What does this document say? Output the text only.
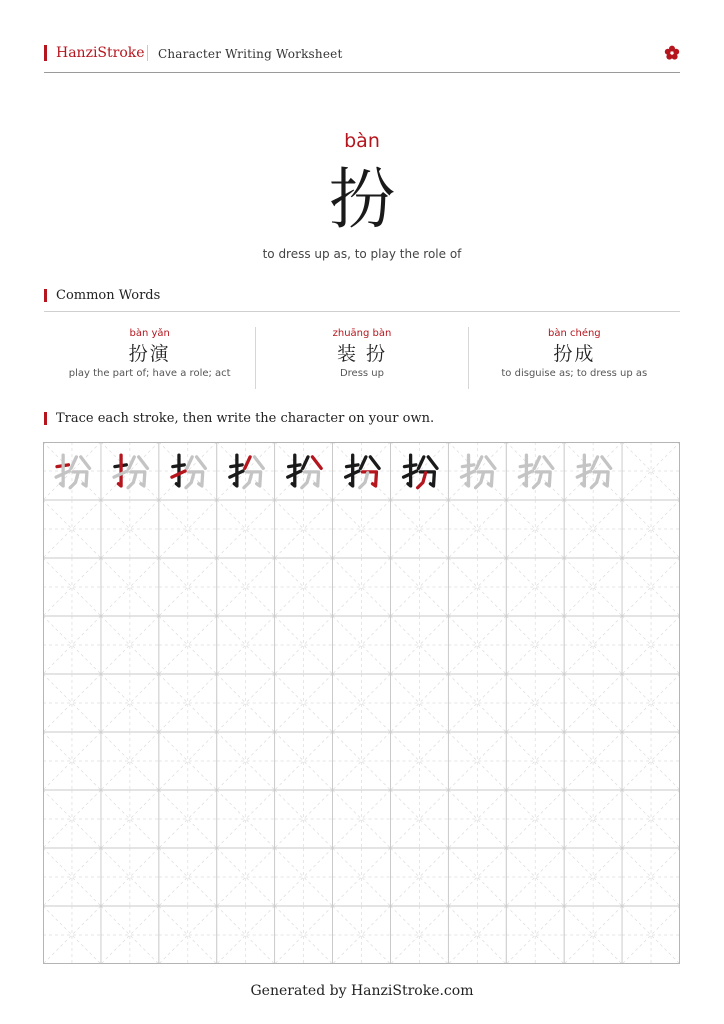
HanziStroke Character Writing Worksheet
bàn
扮
to dress up as, to play the role of
Common Words
bàn yǎn
扮演
play the part of; have a role; act
zhuāng bàn
装 扮
Dress up
bàn chéng
扮成
to disguise as; to dress up as
Trace each stroke, then write the character on your own.
Generated by HanziStroke.com
